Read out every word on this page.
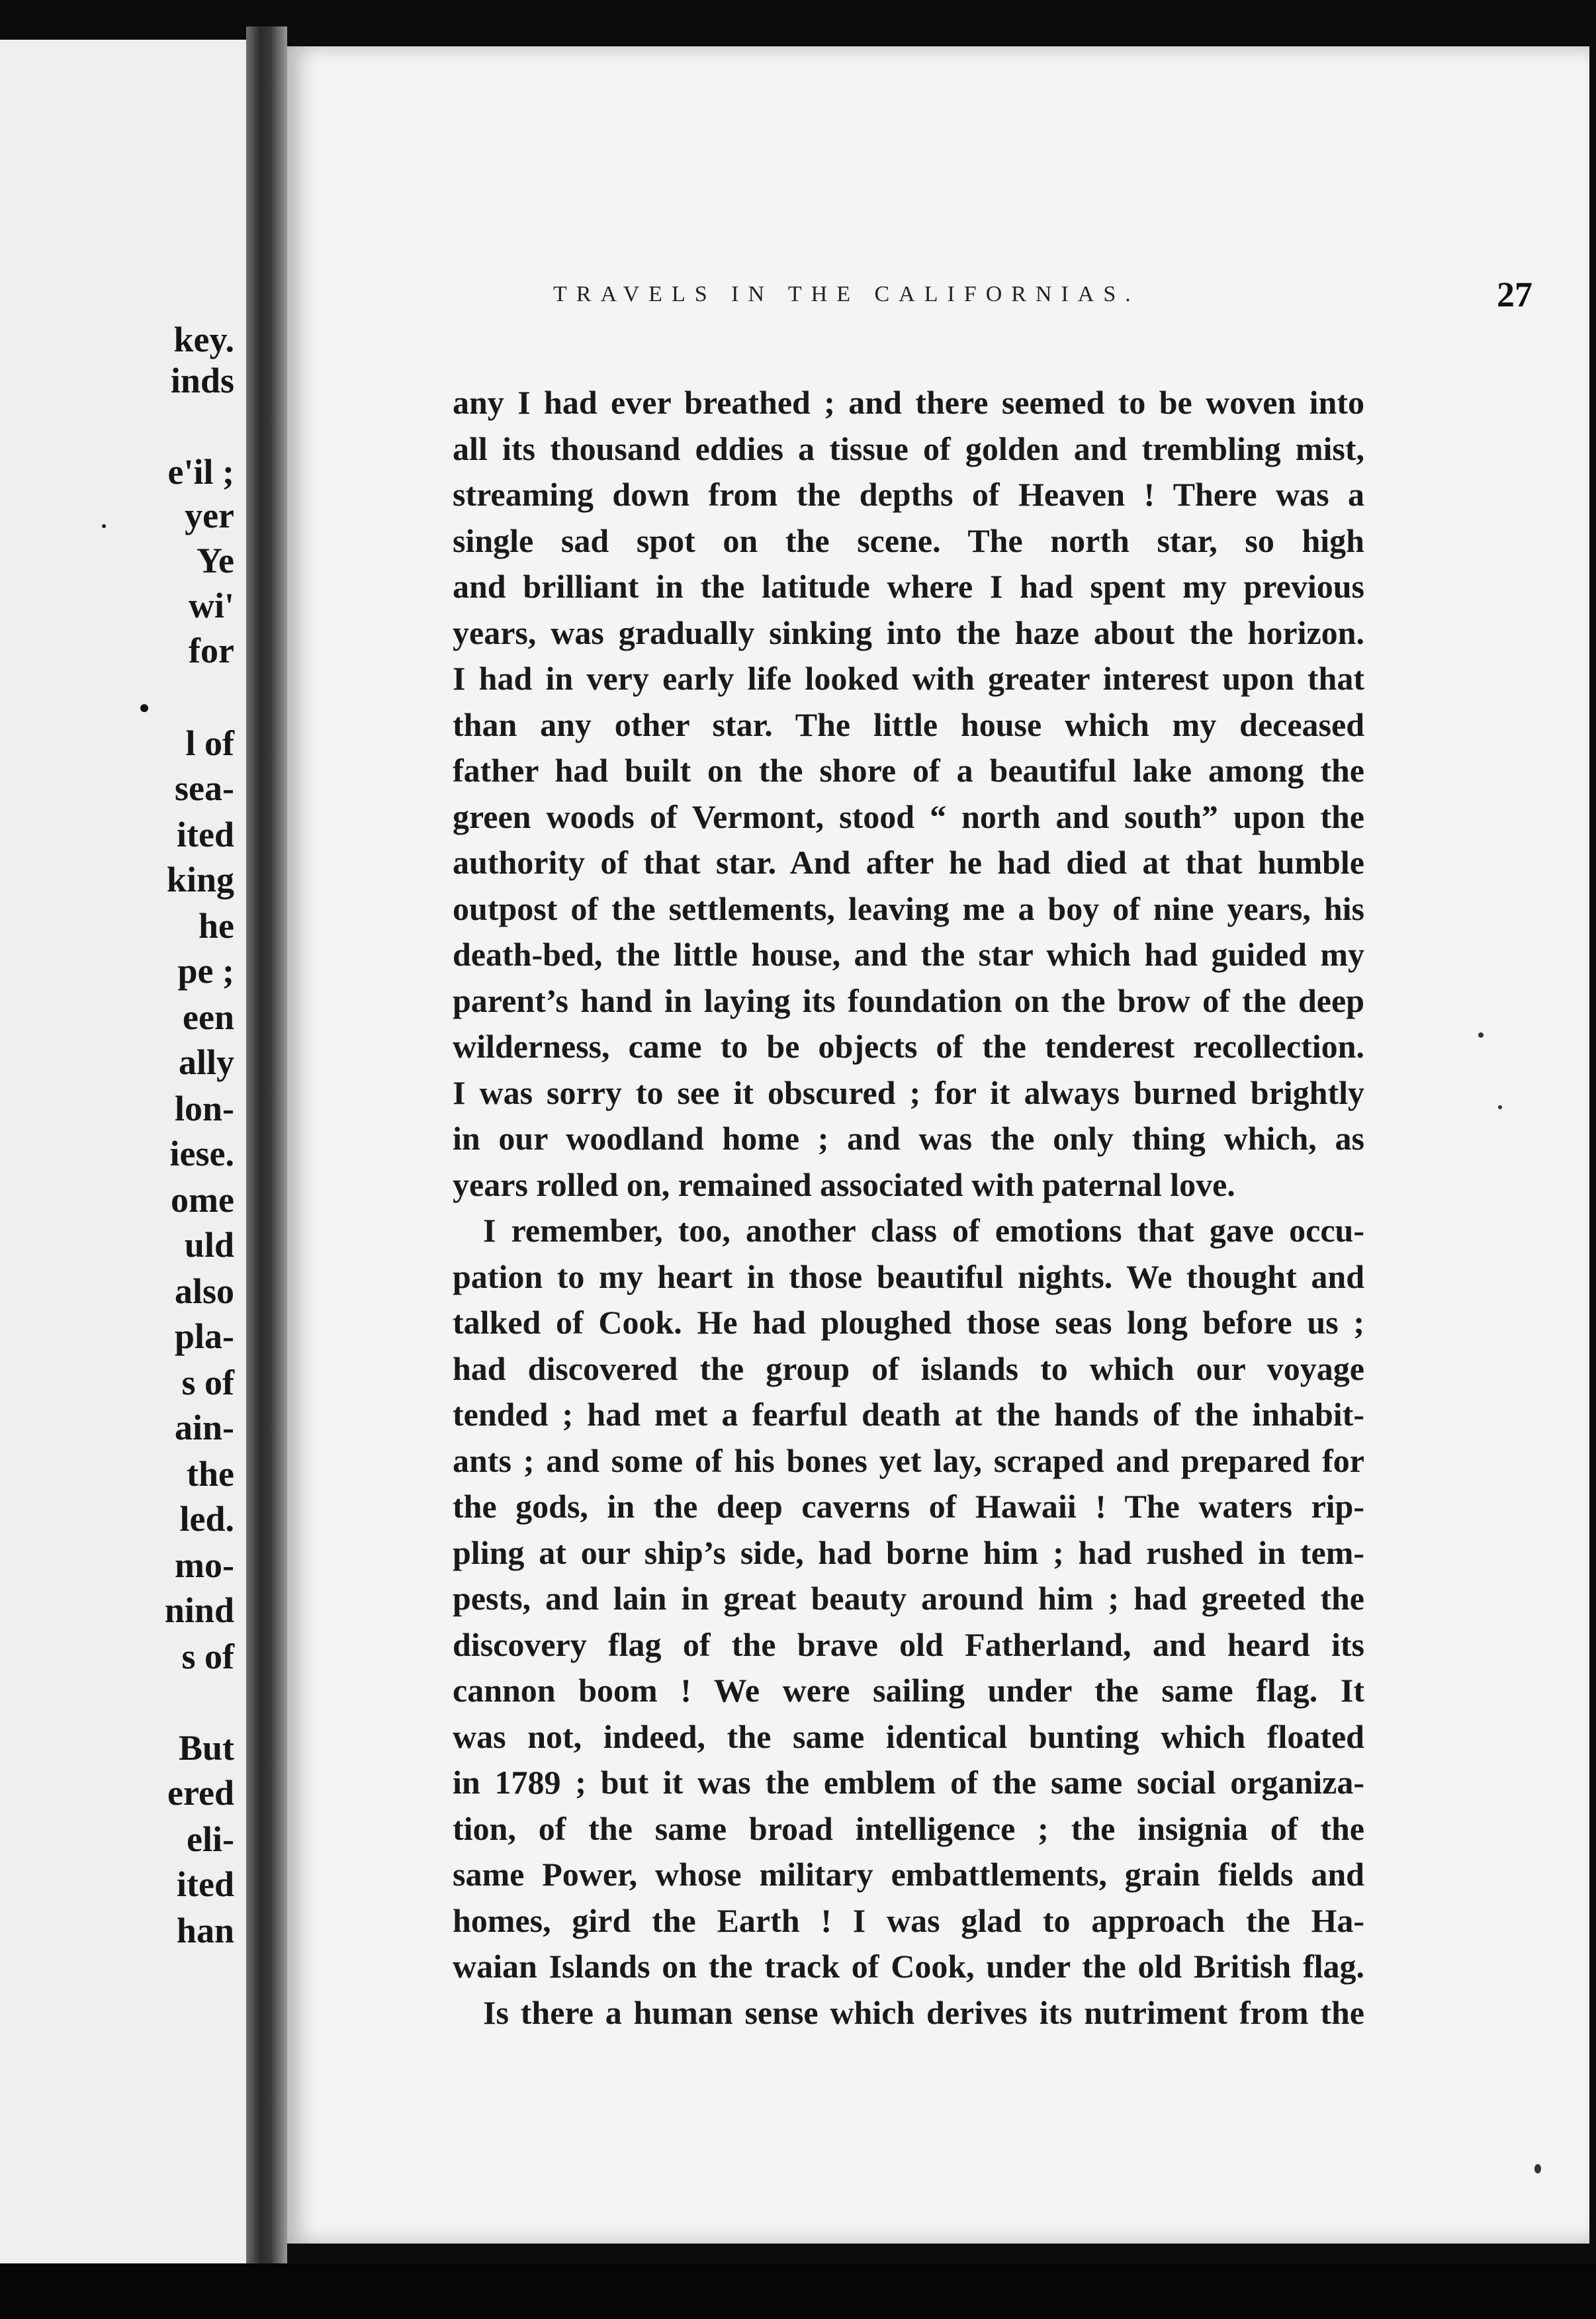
key.
inds
e'il ;
yer
Ye
wi'
for
l of
sea-
ited
king
he
pe ;
een
ally
lon-
iese.
ome
uld
also
pla-
s of
ain-
the
led.
mo-
nind
s of
But
ered
eli-
ited
han
TRAVELS IN THE CALIFORNIAS.	27
any I had ever breathed ; and there seemed to be woven into
all its thousand eddies a tissue of golden and trembling mist,
streaming down from the depths of Heaven ! There was a
single sad spot on the scene. The north star, so high
and brilliant in the latitude where I had spent my previous
years, was gradually sinking into the haze about the horizon.
I had in very early life looked with greater interest upon that
than any other star. The little house which my deceased
father had built on the shore of a beautiful lake among the
green woods of Vermont, stood “ north and south” upon the
authority of that star. And after he had died at that humble
outpost of the settlements, leaving me a boy of nine years, his
death-bed, the little house, and the star which had guided my
parent’s hand in laying its foundation on the brow of the deep
wilderness, came to be objects of the tenderest recollection.
I was sorry to see it obscured ; for it always burned brightly
in our woodland home ; and was the only thing which, as
years rolled on, remained associated with paternal love.
I remember, too, another class of emotions that gave occu-
pation to my heart in those beautiful nights. We thought and
talked of Cook. He had ploughed those seas long before us ;
had discovered the group of islands to which our voyage
tended ; had met a fearful death at the hands of the inhabit-
ants ; and some of his bones yet lay, scraped and prepared for
the gods, in the deep caverns of Hawaii ! The waters rip-
pling at our ship’s side, had borne him ; had rushed in tem-
pests, and lain in great beauty around him ; had greeted the
discovery flag of the brave old Fatherland, and heard its
cannon boom ! We were sailing under the same flag. It
was not, indeed, the same identical bunting which floated
in 1789 ; but it was the emblem of the same social organiza-
tion, of the same broad intelligence ; the insignia of the
same Power, whose military embattlements, grain fields and
homes, gird the Earth ! I was glad to approach the Ha-
waian Islands on the track of Cook, under the old British flag.
Is there a human sense which derives its nutriment from the
